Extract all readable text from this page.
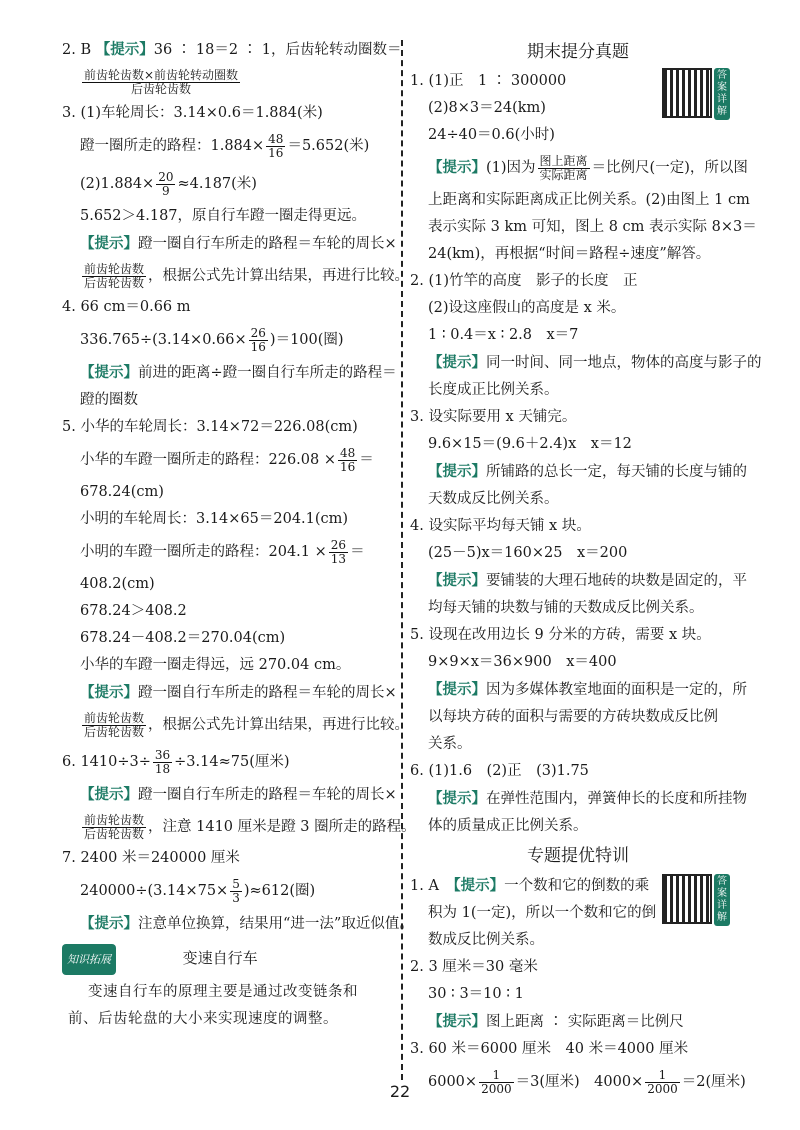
2. B 【提示】36 ∶ 18＝2 ∶ 1，后齿轮转动圈数＝
$\frac{\text{前齿轮齿数×前齿轮转动圈数}}{\text{后齿轮齿数}}$
3. (1)车轮周长：3.14×0.6＝1.884(米)
蹬一圈所走的路程：$1.884\times \frac{48}{16} =5.652$(米)
$(2)1.884\times \frac{20}{9} \approx 4.187$(米)
5.652＞4.187，原自行车蹬一圈走得更远。
【提示】蹬一圈自行车所走的路程＝车轮的周长×
$\frac{\text{前齿轮齿数}}{\text{后齿轮齿数}}$ ，根据公式先计算出结果，再进行比较。
4. 66 cm＝0.66 m
$336.765\div(3.14\times 0.66\times \frac{26}{16} )=100$(圈)
【提示】前进的距离÷蹬一圈自行车所走的路程＝
蹬的圈数
5. 小华的车轮周长：3.14×72＝226.08(cm)
小华的车蹬一圈所走的路程：$226.08 \times \frac{48}{16}$ ＝
678.24(cm)
小明的车轮周长：3.14×65＝204.1(cm)
小明的车蹬一圈所走的路程：$204.1 \times \frac{26}{13}$ ＝
408.2(cm)
678.24＞408.2
678.24－408.2＝270.04(cm)
小华的车蹬一圈走得远，远 270.04 cm。
【提示】蹬一圈自行车所走的路程＝车轮的周长×
$\frac{\text{前齿轮齿数}}{\text{后齿轮齿数}}$ ，根据公式先计算出结果，再进行比较。
6. $1410\div 3\div \frac{36}{18} \div 3.14\approx 75$(厘米)
【提示】蹬一圈自行车所走的路程＝车轮的周长×
$\frac{\text{前齿轮齿数}}{\text{后齿轮齿数}}$ ，注意 1410 厘米是蹬 3 圈所走的路程。
7. 2400 米＝240000 厘米
$240000\div(3.14\times 75\times \frac{5}{3} )\approx 612$(圈)
【提示】注意单位换算，结果用“进一法”取近似值。
知识拓展	变速自行车
变速自行车的原理主要是通过改变链条和
前、后齿轮盘的大小来实现速度的调整。
期末提分真题
答案详解
1. (1)正　1 ∶ 300000
(2)8×3＝24(km)
24÷40＝0.6(小时)
【提示】(1)因为 $\frac{\text{图上距离}}{\text{实际距离}}$ ＝比例尺(一定)，所以图
上距离和实际距离成正比例关系。(2)由图上 1 cm
表示实际 3 km 可知，图上 8 cm 表示实际 8×3＝
24(km)，再根据“时间＝路程÷速度”解答。
2. (1)竹竿的高度　影子的长度　正
(2)设这座假山的高度是 x 米。
1 ∶ 0.4＝x ∶ 2.8　x＝7
【提示】同一时间、同一地点，物体的高度与影子的
长度成正比例关系。
3. 设实际要用 x 天铺完。
9.6×15＝(9.6＋2.4)x　x＝12
【提示】所铺路的总长一定，每天铺的长度与铺的
天数成反比例关系。
4. 设实际平均每天铺 x 块。
(25－5)x＝160×25　x＝200
【提示】要铺装的大理石地砖的块数是固定的，平
均每天铺的块数与铺的天数成反比例关系。
5. 设现在改用边长 9 分米的方砖，需要 x 块。
9×9×x＝36×900　x＝400
【提示】因为多媒体教室地面的面积是一定的，所
以每块方砖的面积与需要的方砖块数成反比例
关系。
6. (1)1.6　(2)正　(3)1.75
【提示】在弹性范围内，弹簧伸长的长度和所挂物
体的质量成正比例关系。
专题提优特训
答案详解
1. A　【提示】一个数和它的倒数的乘
积为 1(一定)，所以一个数和它的倒
数成反比例关系。
2. 3 厘米＝30 毫米
30 ∶ 3＝10 ∶ 1
【提示】图上距离 ∶ 实际距离＝比例尺
3. 60 米＝6000 厘米　40 米＝4000 厘米
$6000\times \frac{1}{2000} =3$(厘米)　$4000\times \frac{1}{2000} =2$(厘米)
22
